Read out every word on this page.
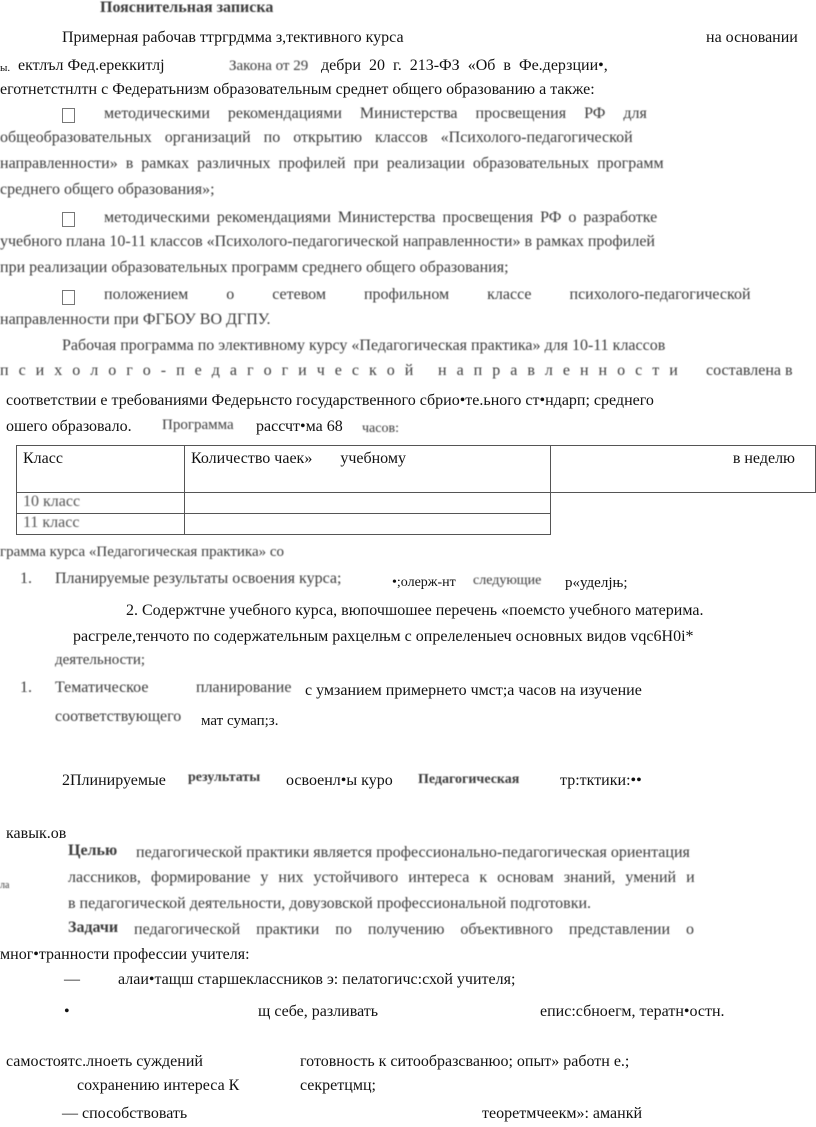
Пояснительная записка
Примерная рабочав ттргрдмма з,тективного курса	на основании
ы. ектлъл Фед.ереккитлј	Закона от 29 дебри 20 г. 213-ФЗ «Об в Фе.дерзции•,
еготнетстнлтн с Федератьнизм образовательным среднет общего образованию а также:
методическими рекомендациями Министерства просвещения РФ для
общеобразовательных организаций по открытию классов «Психолого-педагогической
направленности» в рамках различных профилей при реализации образовательных программ
среднего общего образования»;
методическими рекомендациями Министерства просвещения РФ о разработке
учебного плана 10-11 классов «Психолого-педагогической направленности» в рамках профилей
при реализации образовательных программ среднего общего образования;
положением о сетевом профильном классе психолого-педагогической
направленности при ФГБОУ ВО ДГПУ.
Рабочая программа по элективному курсу «Педагогическая практика» для 10-11 классов
п с и х о л о г о - п е д а г о г и ч е с к о й н а п р а в л е н н о с т и составлена в
соответствии е требованиями Федерьнсто государственного сбрио•те.ьного ст•ндарп; среднего
ошего образовало. Программа рассчт•ма 68 часов:
Класс	Количество чаек» учебному	в неделю
10 класс		
11 класс		
грамма курса «Педагогическая практика» со
1. Планируемые результаты освоения курса;	•;олерж-нт следующие р«уделјњ;
2. Содержтчне учебного курса, вюпочшошее перечень «поемсто учебного материма.
расгреле,тенчото по содержательным рахцелњм с опрелеленыеч основных видов vqc6H0i*
деятельности;
1. Тематическое	планирование с умзанием примернето чмст;а часов на изучение
соответствующего мат сумап;з.
2Плинируемые результаты освоенл•ы куро Педагогическая	тр:тктики:••
кавык.ов
Целью педагогической практики является профессионально-педагогическая ориентация
ла	лассников, формирование у них устойчивого интереса к основам знаний, умений и
в педагогической деятельности, довузовской профессиональной подготовки.
Задачи педагогической практики по получению объективного представлении о
мног•транности профессии учителя:
— алаи•тащш старшеклассников э: пелатогичс:схой учителя;
•	щ себе, разливать	епис:сбноегм, тератн•остн.
самостоятс.лноеть суждений	готовность к ситообразсванюо; опыт» работн е.;
сохранению интереса К	секретцмц;
— способствовать	теоретмчеекм»: аманкй
